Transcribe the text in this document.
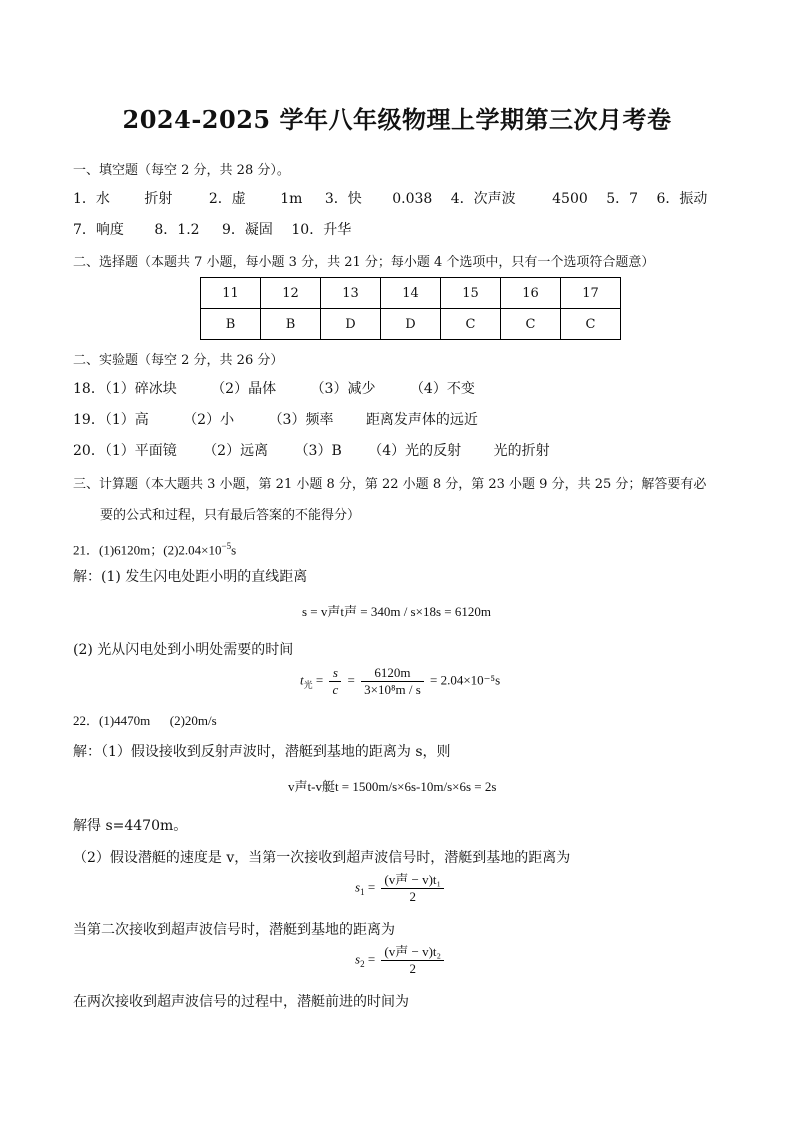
2024-2025 学年八年级物理上学期第三次月考卷
一、填空题（每空 2 分，共 28 分）。
1．水 折射	2．虚 1m 3．快 0.038 4．次声波	4500 5．7 6．振动
7．响度 8．1.2 9．凝固 10．升华
二、选择题（本题共 7 小题，每小题 3 分，共 21 分；每小题 4 个选项中，只有一个选项符合题意）
11	12	13	14	15	16	17
B	B	D	D	C	C	C
二、实验题（每空 2 分，共 26 分）
18．（1）碎冰块 （2）晶体 （3）减少 （4）不变
19．（1）高 （2）小 （3）频率 距离发声体的远近
20．（1）平面镜 （2）远离 （3）B （4）光的反射 光的折射
三、计算题（本大题共 3 小题，第 21 小题 8 分，第 22 小题 8 分，第 23 小题 9 分，共 25 分；解答要有必
要的公式和过程，只有最后答案的不能得分）
21．(1)6120m；$(2)2.04\times 10^{-5}s$
解：(1) 发生闪电处距小明的直线距离
s = v声t声 = 340m / s×18s = 6120m
(2) 光从闪电处到小明处需要的时间
$t_光 = \frac{s}{c} = \frac{6120m}{\text{3×10⁸m / s}} = 2.04\times 10^{-5}s$
22．(1)4470m      (2)20m/s
解：（1）假设接收到反射声波时，潜艇到基地的距离为 s，则
v声t-v艇t = 1500m/s×6s-10m/s×6s = 2s
解得 s=4470m。
（2）假设潜艇的速度是 v，当第一次接收到超声波信号时，潜艇到基地的距离为
$s_1 = \frac{\text{(v声 − v)t₁}}{2}$
当第二次接收到超声波信号时，潜艇到基地的距离为
$s_2 = \frac{\text{(v声 − v)t₂}}{2}$
在两次接收到超声波信号的过程中，潜艇前进的时间为
